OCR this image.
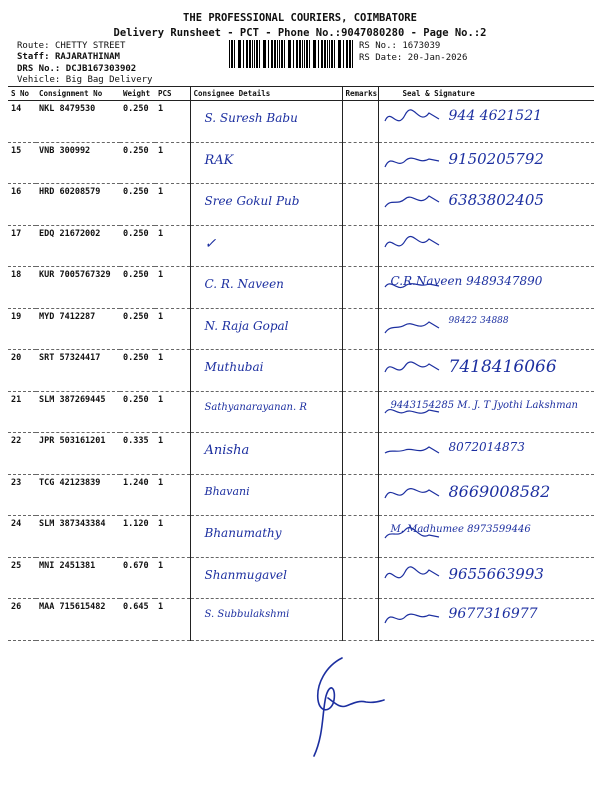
THE PROFESSIONAL COURIERS, COIMBATORE
Delivery Runsheet - PCT - Phone No.:9047080280 - Page No.:2
Route: CHETTY STREET
Staff: RAJARATHINAM
DRS No.: DCJB167303902
Vehicle: Big Bag Delivery
RS No.: 1673039
RS Date: 20-Jan-2026
S No	Consignment No	Weight	PCS	Consignee Details	Remarks	Seal & Signature
14	NKL 8479530	0.250	1	S. Suresh Babu		944 4621521

15	VNB 300992	0.250	1	RAK		9150205792

16	HRD 60208579	0.250	1	Sree Gokul Pub		6383802405

17	EDQ 21672002	0.250	1	✓

18	KUR 7005767329	0.250	1	C. R. Naveen		C.R.Naveen 9489347890

19	MYD 7412287	0.250	1	N. Raja Gopal		98422 34888

20	SRT 57324417	0.250	1	Muthubai		7418416066

21	SLM 387269445	0.250	1	Sathyanarayanan. R		9443154285 M. J. T Jyothi Lakshman

22	JPR 503161201	0.335	1	Anisha		8072014873

23	TCG 42123839	1.240	1	Bhavani		8669008582

24	SLM 387343384	1.120	1	Bhanumathy		M. Madhumee 8973599446

25	MNI 2451381	0.670	1	Shanmugavel		9655663993

26	MAA 715615482	0.645	1	S. Subbulakshmi		9677316977
